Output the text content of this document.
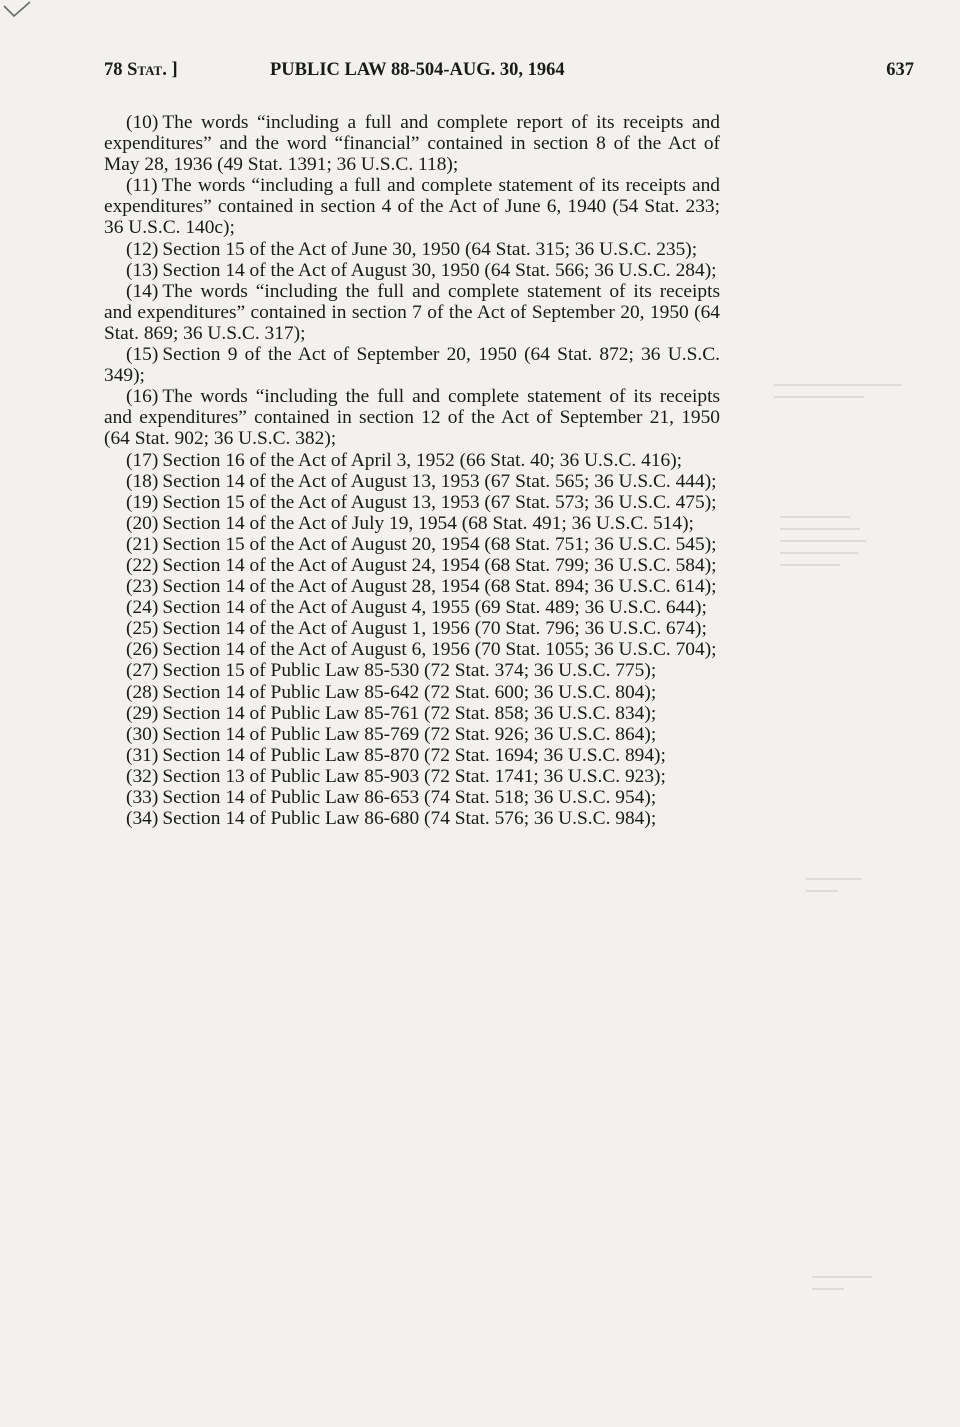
78 Stat. ]	PUBLIC LAW 88-504-AUG. 30, 1964	637

(10) The words “including a full and complete report of its receipts and expenditures” and the word “financial” contained in section 8 of the Act of May 28, 1936 (49 Stat. 1391; 36 U.S.C. 118);

(11) The words “including a full and complete statement of its receipts and expenditures” contained in section 4 of the Act of June 6, 1940 (54 Stat. 233; 36 U.S.C. 140c);

(12) Section 15 of the Act of June 30, 1950 (64 Stat. 315; 36 U.S.C. 235);

(13) Section 14 of the Act of August 30, 1950 (64 Stat. 566; 36 U.S.C. 284);

(14) The words “including the full and complete statement of its receipts and expenditures” contained in section 7 of the Act of September 20, 1950 (64 Stat. 869; 36 U.S.C. 317);

(15) Section 9 of the Act of September 20, 1950 (64 Stat. 872; 36 U.S.C. 349);

(16) The words “including the full and complete statement of its receipts and expenditures” contained in section 12 of the Act of September 21, 1950 (64 Stat. 902; 36 U.S.C. 382);

(17) Section 16 of the Act of April 3, 1952 (66 Stat. 40; 36 U.S.C. 416);

(18) Section 14 of the Act of August 13, 1953 (67 Stat. 565; 36 U.S.C. 444);

(19) Section 15 of the Act of August 13, 1953 (67 Stat. 573; 36 U.S.C. 475);

(20) Section 14 of the Act of July 19, 1954 (68 Stat. 491; 36 U.S.C. 514);

(21) Section 15 of the Act of August 20, 1954 (68 Stat. 751; 36 U.S.C. 545);

(22) Section 14 of the Act of August 24, 1954 (68 Stat. 799; 36 U.S.C. 584);

(23) Section 14 of the Act of August 28, 1954 (68 Stat. 894; 36 U.S.C. 614);

(24) Section 14 of the Act of August 4, 1955 (69 Stat. 489; 36 U.S.C. 644);

(25) Section 14 of the Act of August 1, 1956 (70 Stat. 796; 36 U.S.C. 674);

(26) Section 14 of the Act of August 6, 1956 (70 Stat. 1055; 36 U.S.C. 704);

(27) Section 15 of Public Law 85-530 (72 Stat. 374; 36 U.S.C. 775);

(28) Section 14 of Public Law 85-642 (72 Stat. 600; 36 U.S.C. 804);

(29) Section 14 of Public Law 85-761 (72 Stat. 858; 36 U.S.C. 834);

(30) Section 14 of Public Law 85-769 (72 Stat. 926; 36 U.S.C. 864);

(31) Section 14 of Public Law 85-870 (72 Stat. 1694; 36 U.S.C. 894);

(32) Section 13 of Public Law 85-903 (72 Stat. 1741; 36 U.S.C. 923);

(33) Section 14 of Public Law 86-653 (74 Stat. 518; 36 U.S.C. 954);

(34) Section 14 of Public Law 86-680 (74 Stat. 576; 36 U.S.C. 984);
